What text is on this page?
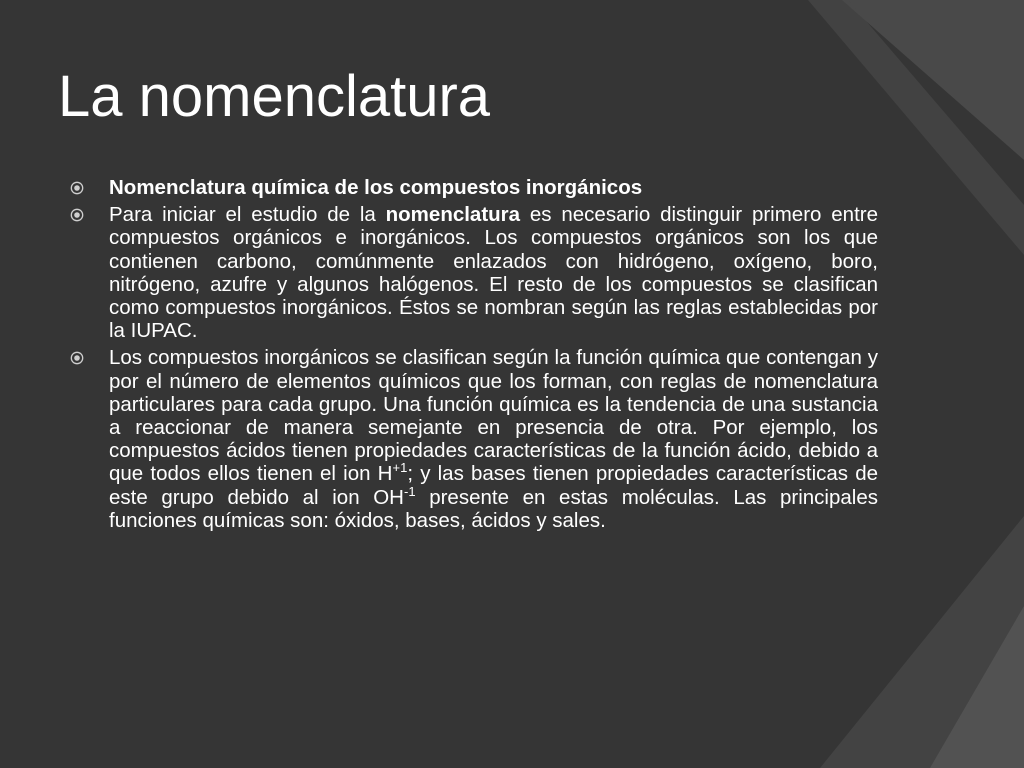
La nomenclatura
Nomenclatura química de los compuestos inorgánicos
Para iniciar el estudio de la nomenclatura es necesario distinguir primero entre compuestos orgánicos e inorgánicos. Los compuestos orgánicos son los que contienen carbono, comúnmente enlazados con hidrógeno, oxígeno, boro, nitrógeno, azufre y algunos halógenos. El resto de los compuestos se clasifican como compuestos inorgánicos. Éstos se nombran según las reglas establecidas por la IUPAC.
Los compuestos inorgánicos se clasifican según la función química que contengan y por el número de elementos químicos que los forman, con reglas de nomenclatura particulares para cada grupo. Una función química es la tendencia de una sustancia a reaccionar de manera semejante en presencia de otra. Por ejemplo, los compuestos ácidos tienen propiedades características de la función ácido, debido a que todos ellos tienen el ion $H^{+1}$; y las bases tienen propiedades características de este grupo debido al ion $OH^{-1}$ presente en estas moléculas. Las principales funciones químicas son: óxidos, bases, ácidos y sales.
